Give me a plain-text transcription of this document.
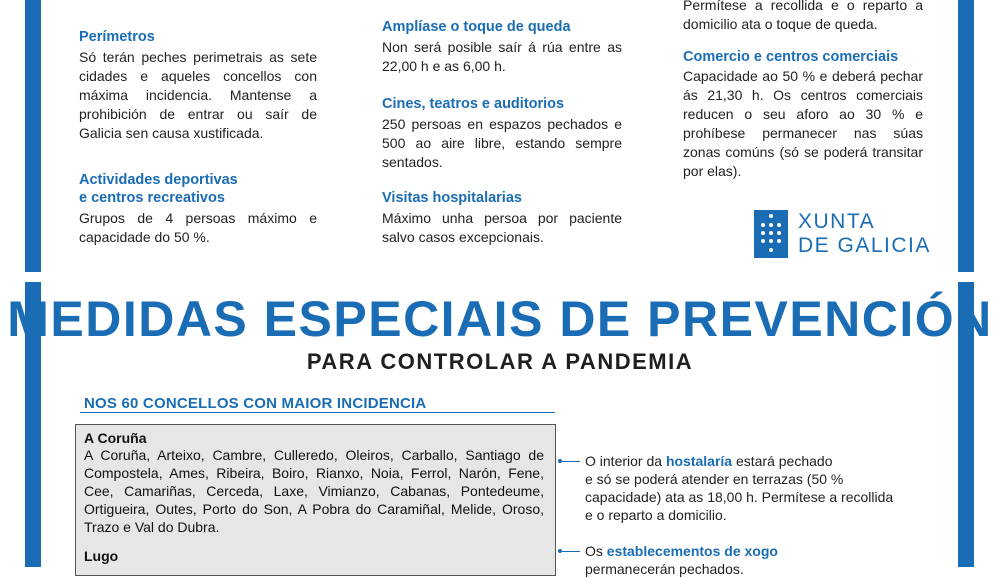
Perímetros
Só terán peches perimetrais as sete cidades e aqueles concellos con máxima incidencia. Mantense a prohibición de entrar ou saír de Galicia sen causa xustificada.
Actividades deportivas
e centros recreativos
Grupos de 4 persoas máximo e capacidade do 50 %.
Amplíase o toque de queda
Non será posible saír á rúa entre as 22,00 h e as 6,00 h.
Cines, teatros e auditorios
250 persoas en espazos pechados e 500 ao aire libre, estando sempre sentados.
Visitas hospitalarias
Máximo unha persoa por paciente salvo casos excepcionais.
Permítese a recollida e o reparto a domicilio ata o toque de queda.
Comercio e centros comerciais
Capacidade ao 50 % e deberá pechar ás 21,30 h. Os centros comerciais reducen o seu aforo ao 30 % e prohíbese permanecer nas súas zonas comúns (só se poderá transitar por elas).
XUNTA
DE GALICIA
MEDIDAS ESPECIAIS DE PREVENCIÓN
PARA CONTROLAR A PANDEMIA
NOS 60 CONCELLOS CON MAIOR INCIDENCIA
A Coruña
A Coruña, Arteixo, Cambre, Culleredo, Oleiros, Carballo, Santiago de Compostela, Ames, Ribeira, Boiro, Rianxo, Noia, Ferrol, Narón, Fene, Cee, Camariñas, Cerceda, Laxe, Vimianzo, Cabanas, Pontedeume, Ortigueira, Outes, Porto do Son, A Pobra do Caramiñal, Melide, Oroso, Trazo e Val do Dubra.
Lugo
O interior da hostalaría estará pechado
e só se poderá atender en terrazas (50 %
capacidade) ata as 18,00 h. Permítese a recollida
e o reparto a domicilio.
Os establecementos de xogo
permanecerán pechados.
